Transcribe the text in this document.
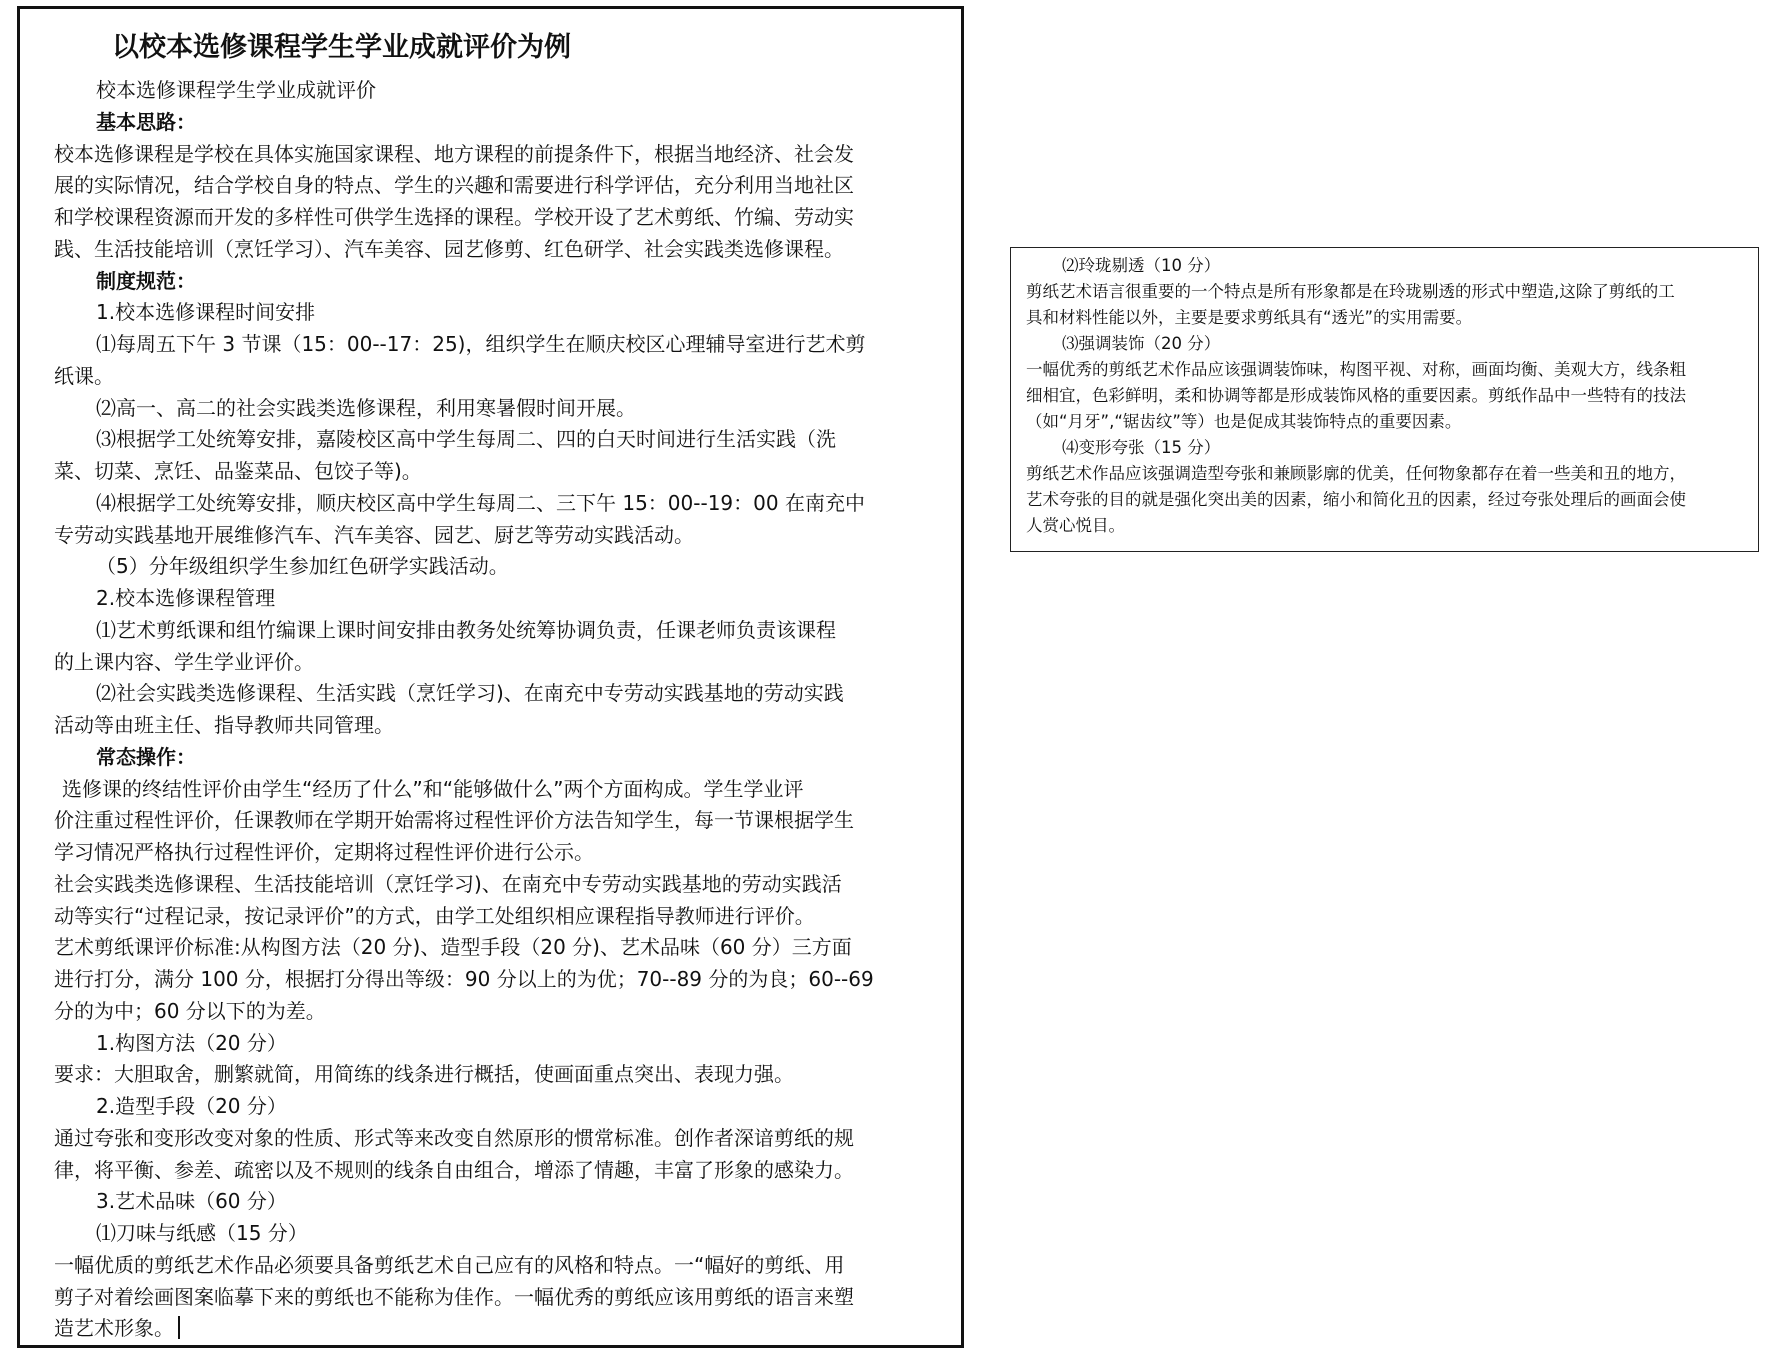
以校本选修课程学生学业成就评价为例
校本选修课程学生学业成就评价
基本思路：
校本选修课程是学校在具体实施国家课程、地方课程的前提条件下，根据当地经济、社会发
展的实际情况，结合学校自身的特点、学生的兴趣和需要进行科学评估，充分利用当地社区
和学校课程资源而开发的多样性可供学生选择的课程。学校开设了艺术剪纸、竹编、劳动实
践、生活技能培训（烹饪学习）、汽车美容、园艺修剪、红色研学、社会实践类选修课程。
制度规范：
1.校本选修课程时间安排
⑴每周五下午 3 节课（15：00--17：25)，组织学生在顺庆校区心理辅导室进行艺术剪
纸课。
⑵高一、高二的社会实践类选修课程，利用寒暑假时间开展。
⑶根据学工处统筹安排，嘉陵校区高中学生每周二、四的白天时间进行生活实践（洗
菜、切菜、烹饪、品鉴菜品、包饺子等)。
⑷根据学工处统筹安排，顺庆校区高中学生每周二、三下午 15：00--19：00 在南充中
专劳动实践基地开展维修汽车、汽车美容、园艺、厨艺等劳动实践活动。
（5）分年级组织学生参加红色研学实践活动。
2.校本选修课程管理
⑴艺术剪纸课和组竹编课上课时间安排由教务处统筹协调负责，任课老师负责该课程
的上课内容、学生学业评价。
⑵社会实践类选修课程、生活实践（烹饪学习)、在南充中专劳动实践基地的劳动实践
活动等由班主任、指导教师共同管理。
常态操作：
选修课的终结性评价由学生“经历了什么”和“能够做什么”两个方面构成。学生学业评
价注重过程性评价，任课教师在学期开始需将过程性评价方法告知学生，每一节课根据学生
学习情况严格执行过程性评价，定期将过程性评价进行公示。
社会实践类选修课程、生活技能培训（烹饪学习)、在南充中专劳动实践基地的劳动实践活
动等实行“过程记录，按记录评价”的方式，由学工处组织相应课程指导教师进行评价。
艺术剪纸课评价标准:从构图方法（20 分)、造型手段（20 分)、艺术品味（60 分）三方面
进行打分，满分 100 分，根据打分得出等级：90 分以上的为优；70--89 分的为良；60--69
分的为中；60 分以下的为差。
1.构图方法（20 分）
要求：大胆取舍，删繁就简，用简练的线条进行概括，使画面重点突出、表现力强。
2.造型手段（20 分）
通过夸张和变形改变对象的性质、形式等来改变自然原形的惯常标准。创作者深谙剪纸的规
律，将平衡、参差、疏密以及不规则的线条自由组合，增添了情趣，丰富了形象的感染力。
3.艺术品味（60 分）
⑴刀味与纸感（15 分）
一幅优质的剪纸艺术作品必须要具备剪纸艺术自己应有的风格和特点。一“幅好的剪纸、用
剪子对着绘画图案临摹下来的剪纸也不能称为佳作。一幅优秀的剪纸应该用剪纸的语言来塑
造艺术形象。
⑵玲珑剔透（10 分）
剪纸艺术语言很重要的一个特点是所有形象都是在玲珑剔透的形式中塑造,这除了剪纸的工
具和材料性能以外，主要是要求剪纸具有“透光”的实用需要。
⑶强调装饰（20 分）
一幅优秀的剪纸艺术作品应该强调装饰味，构图平视、对称，画面均衡、美观大方，线条粗
细相宜，色彩鲜明，柔和协调等都是形成装饰风格的重要因素。剪纸作品中一些特有的技法
（如“月牙”,“锯齿纹”等）也是促成其装饰特点的重要因素。
⑷变形夸张（15 分）
剪纸艺术作品应该强调造型夸张和兼顾影廓的优美，任何物象都存在着一些美和丑的地方，
艺术夸张的目的就是强化突出美的因素，缩小和简化丑的因素，经过夸张处理后的画面会使
人赏心悦目。
